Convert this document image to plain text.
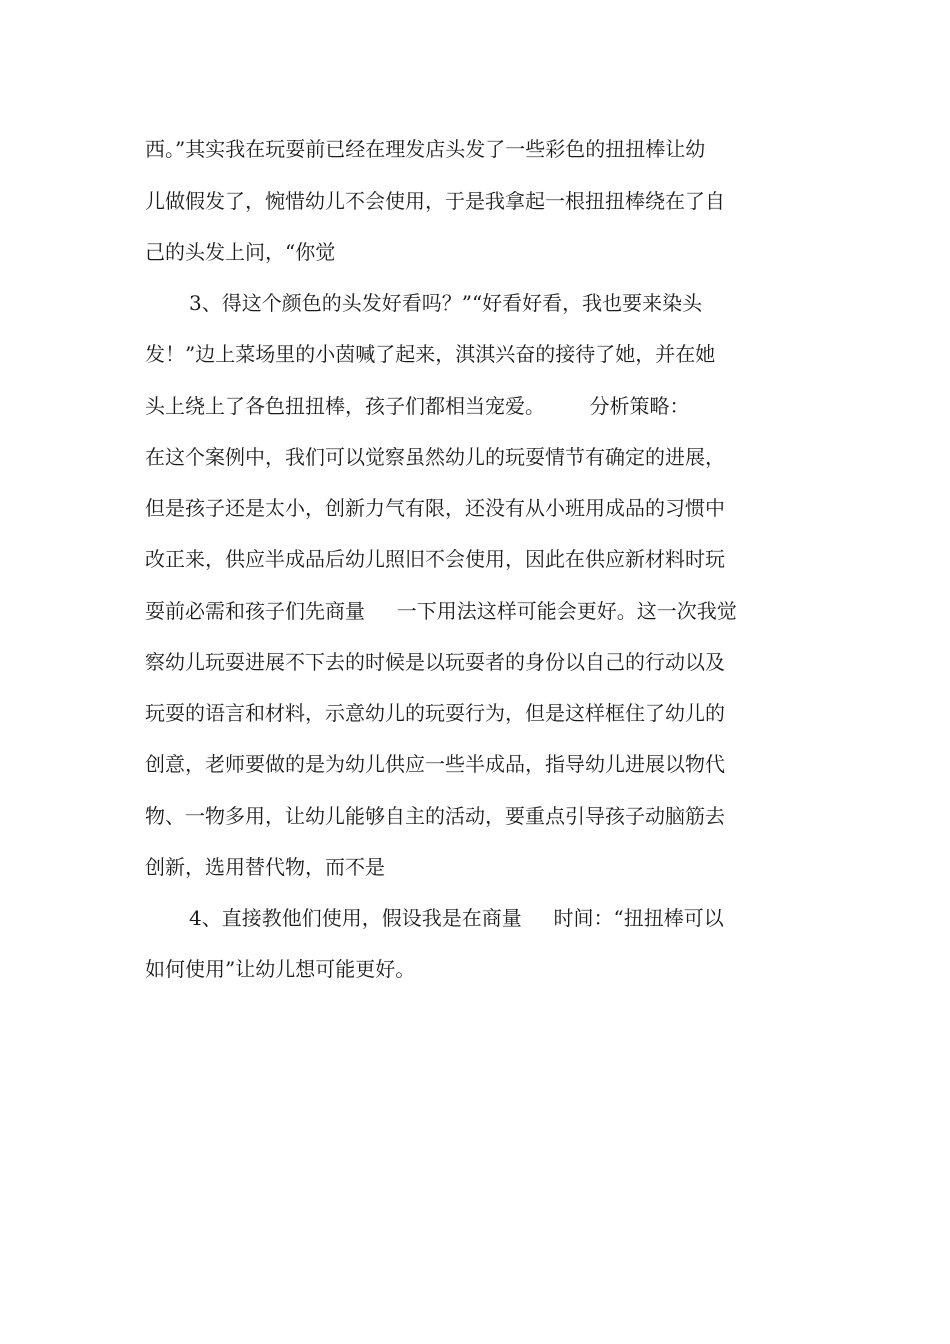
西。”其实我在玩耍前已经在理发店头发了一些彩色的扭扭棒让幼
儿做假发了，惋惜幼儿不会使用，于是我拿起一根扭扭棒绕在了自
己的头发上问，“你觉
3、得这个颜色的头发好看吗？”“好看好看，我也要来染头
发！”边上菜场里的小茵喊了起来，淇淇兴奋的接待了她，并在她
头上绕上了各色扭扭棒，孩子们都相当宠爱。       分析策略：
在这个案例中，我们可以觉察虽然幼儿的玩耍情节有确定的进展，
但是孩子还是太小，创新力气有限，还没有从小班用成品的习惯中
改正来，供应半成品后幼儿照旧不会使用，因此在供应新材料时玩
耍前必需和孩子们先商量     一下用法这样可能会更好。这一次我觉
察幼儿玩耍进展不下去的时候是以玩耍者的身份以自己的行动以及
玩耍的语言和材料，示意幼儿的玩耍行为，但是这样框住了幼儿的
创意，老师要做的是为幼儿供应一些半成品，指导幼儿进展以物代
物、一物多用，让幼儿能够自主的活动，要重点引导孩子动脑筋去
创新，选用替代物，而不是
4、直接教他们使用，假设我是在商量     时间：“扭扭棒可以
如何使用”让幼儿想可能更好。
